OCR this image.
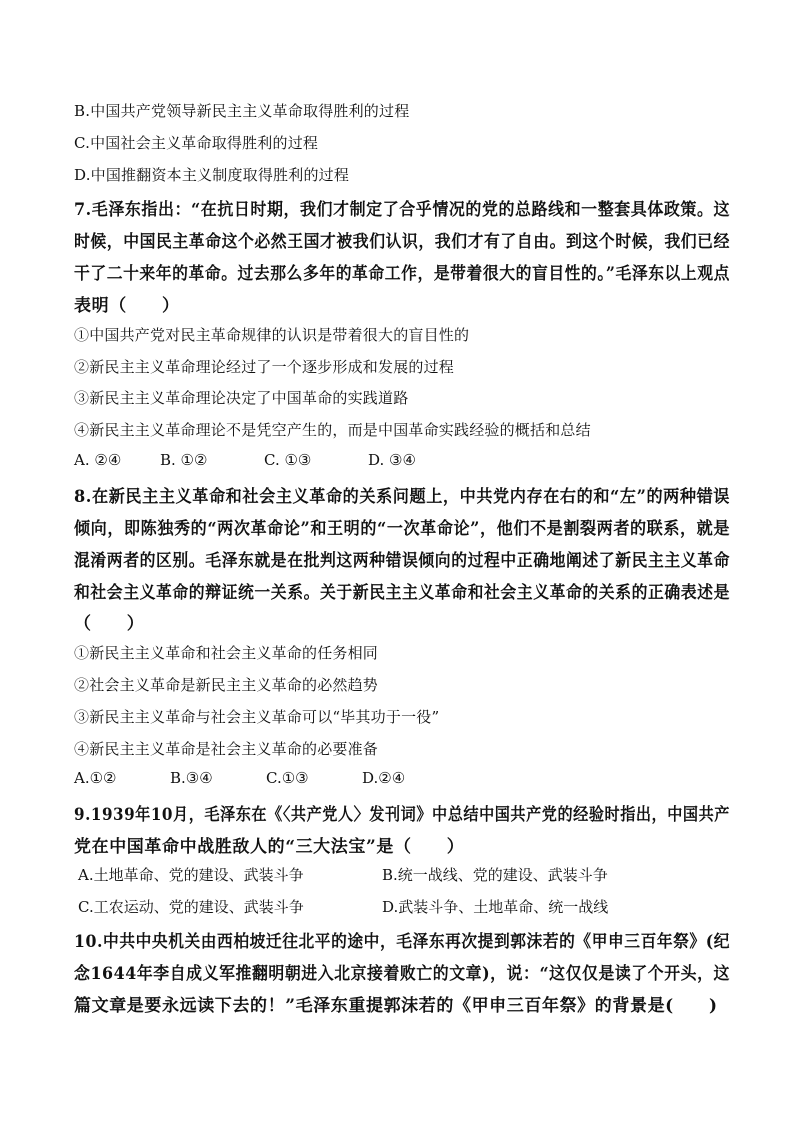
B.中国共产党领导新民主主义革命取得胜利的过程
C.中国社会主义革命取得胜利的过程
D.中国推翻资本主义制度取得胜利的过程
7.毛泽东指出：“在抗日时期，我们才制定了合乎情况的党的总路线和一整套具体政策。这
时候，中国民主革命这个必然王国才被我们认识，我们才有了自由。到这个时候，我们已经
干了二十来年的革命。过去那么多年的革命工作，是带着很大的盲目性的。”毛泽东以上观点
表明（　　）
①中国共产党对民主革命规律的认识是带着很大的盲目性的
②新民主主义革命理论经过了一个逐步形成和发展的过程
③新民主主义革命理论决定了中国革命的实践道路
④新民主主义革命理论不是凭空产生的，而是中国革命实践经验的概括和总结
A. ②④	B. ①②	C. ①③	D. ③④
8.在新民主主义革命和社会主义革命的关系问题上，中共党内存在右的和“左”的两种错误
倾向，即陈独秀的“两次革命论”和王明的“一次革命论”，他们不是割裂两者的联系，就是
混淆两者的区别。毛泽东就是在批判这两种错误倾向的过程中正确地阐述了新民主主义革命
和社会主义革命的辩证统一关系。关于新民主主义革命和社会主义革命的关系的正确表述是
（　　）
①新民主主义革命和社会主义革命的任务相同
②社会主义革命是新民主主义革命的必然趋势
③新民主主义革命与社会主义革命可以“毕其功于一役”
④新民主主义革命是社会主义革命的必要准备
A.①②	B.③④	C.①③	D.②④
9.1939年10月，毛泽东在《〈共产党人〉发刊词》中总结中国共产党的经验时指出，中国共产
党在中国革命中战胜敌人的“三大法宝”是（　　）
A.土地革命、党的建设、武装斗争	B.统一战线、党的建设、武装斗争
C.工农运动、党的建设、武装斗争	D.武装斗争、土地革命、统一战线
10.中共中央机关由西柏坡迁往北平的途中，毛泽东再次提到郭沫若的《甲申三百年祭》(纪
念1644年李自成义军推翻明朝进入北京接着败亡的文章)，说：“这仅仅是读了个开头，这
篇文章是要永远读下去的！”毛泽东重提郭沫若的《甲申三百年祭》的背景是(　　)
